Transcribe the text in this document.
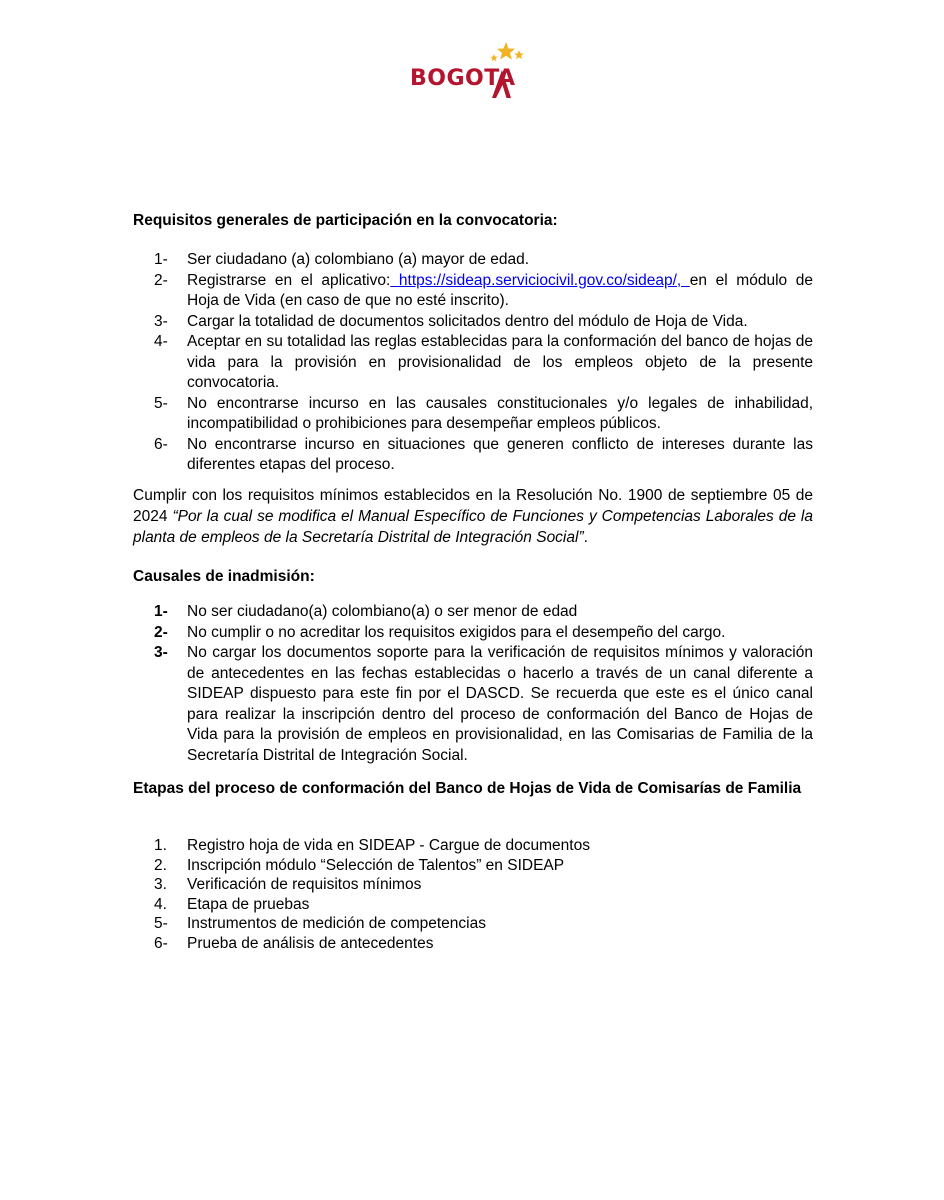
BOGOTA
Requisitos generales de participación en la convocatoria:
1- Ser ciudadano (a) colombiano (a) mayor de edad.
2- Registrarse en el aplicativo: https://sideap.serviciocivil.gov.co/sideap/, en el módulo de Hoja de Vida (en caso de que no esté inscrito).
3- Cargar la totalidad de documentos solicitados dentro del módulo de Hoja de Vida.
4- Aceptar en su totalidad las reglas establecidas para la conformación del banco de hojas de vida para la provisión en provisionalidad de los empleos objeto de la presente convocatoria.
5- No encontrarse incurso en las causales constitucionales y/o legales de inhabilidad, incompatibilidad o prohibiciones para desempeñar empleos públicos.
6- No encontrarse incurso en situaciones que generen conflicto de intereses durante las diferentes etapas del proceso.
Cumplir con los requisitos mínimos establecidos en la Resolución No. 1900 de septiembre 05 de 2024 “Por la cual se modifica el Manual Específico de Funciones y Competencias Laborales de la planta de empleos de la Secretaría Distrital de Integración Social”.
Causales de inadmisión:
1- No ser ciudadano(a) colombiano(a) o ser menor de edad
2- No cumplir o no acreditar los requisitos exigidos para el desempeño del cargo.
3- No cargar los documentos soporte para la verificación de requisitos mínimos y valoración de antecedentes en las fechas establecidas o hacerlo a través de un canal diferente a SIDEAP dispuesto para este fin por el DASCD. Se recuerda que este es el único canal para realizar la inscripción dentro del proceso de conformación del Banco de Hojas de Vida para la provisión de empleos en provisionalidad, en las Comisarias de Familia de la Secretaría Distrital de Integración Social.
Etapas del proceso de conformación del Banco de Hojas de Vida de Comisarías de Familia
1. Registro hoja de vida en SIDEAP - Cargue de documentos
2. Inscripción módulo “Selección de Talentos” en SIDEAP
3. Verificación de requisitos mínimos
4. Etapa de pruebas
5- Instrumentos de medición de competencias
6- Prueba de análisis de antecedentes
